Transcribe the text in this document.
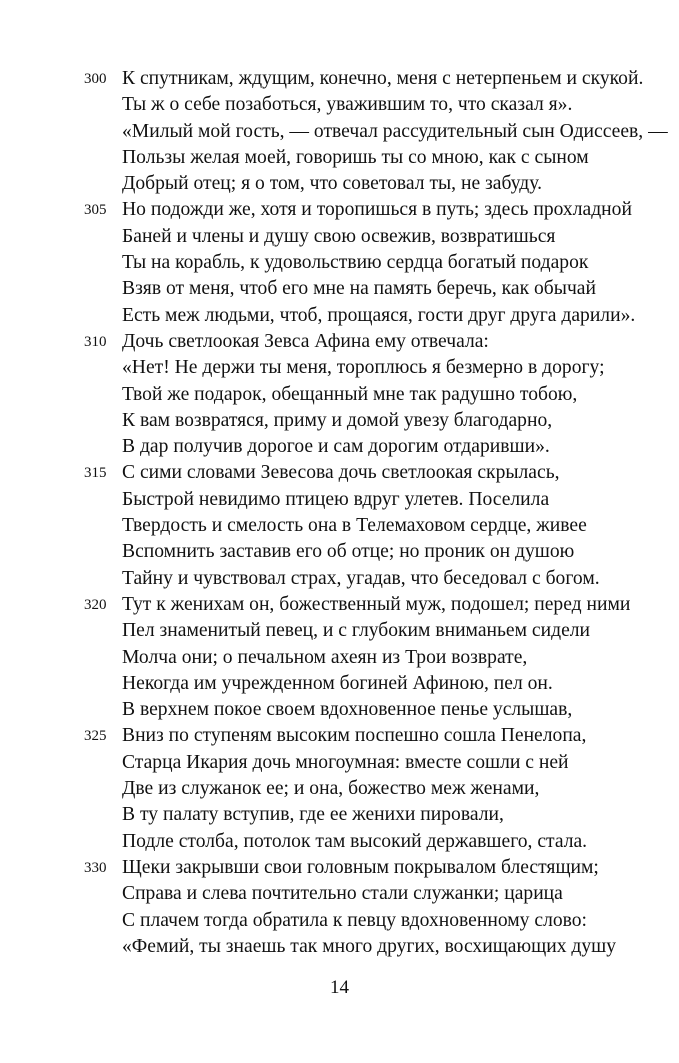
300 К спутникам, ждущим, конечно, меня с нетерпеньем и скукой.
Ты ж о себе позаботься, уважившим то, что сказал я».
«Милый мой гость, — отвечал рассудительный сын Одиссеев, —
Пользы желая моей, говоришь ты со мною, как с сыном
Добрый отец; я о том, что советовал ты, не забуду.
305 Но подожди же, хотя и торопишься в путь; здесь прохладной
Баней и члены и душу свою освежив, возвратишься
Ты на корабль, к удовольствию сердца богатый подарок
Взяв от меня, чтоб его мне на память беречь, как обычай
Есть меж людьми, чтоб, прощаяся, гости друг друга дарили».
310 Дочь светлоокая Зевса Афина ему отвечала:
«Нет! Не держи ты меня, тороплюсь я безмерно в дорогу;
Твой же подарок, обещанный мне так радушно тобою,
К вам возвратяся, приму и домой увезу благодарно,
В дар получив дорогое и сам дорогим отдаривши».
315 С сими словами Зевесова дочь светлоокая скрылась,
Быстрой невидимо птицею вдруг улетев. Поселила
Твердость и смелость она в Телемаховом сердце, живее
Вспомнить заставив его об отце; но проник он душою
Тайну и чувствовал страх, угадав, что беседовал с богом.
320 Тут к женихам он, божественный муж, подошел; перед ними
Пел знаменитый певец, и с глубоким вниманьем сидели
Молча они; о печальном ахеян из Трои возврате,
Некогда им учрежденном богиней Афиною, пел он.
В верхнем покое своем вдохновенное пенье услышав,
325 Вниз по ступеням высоким поспешно сошла Пенелопа,
Старца Икария дочь многоумная: вместе сошли с ней
Две из служанок ее; и она, божество меж женами,
В ту палату вступив, где ее женихи пировали,
Подле столба, потолок там высокий державшего, стала.
330 Щеки закрывши свои головным покрывалом блестящим;
Справа и слева почтительно стали служанки; царица
С плачем тогда обратила к певцу вдохновенному слово:
«Фемий, ты знаешь так много других, восхищающих душу
14
